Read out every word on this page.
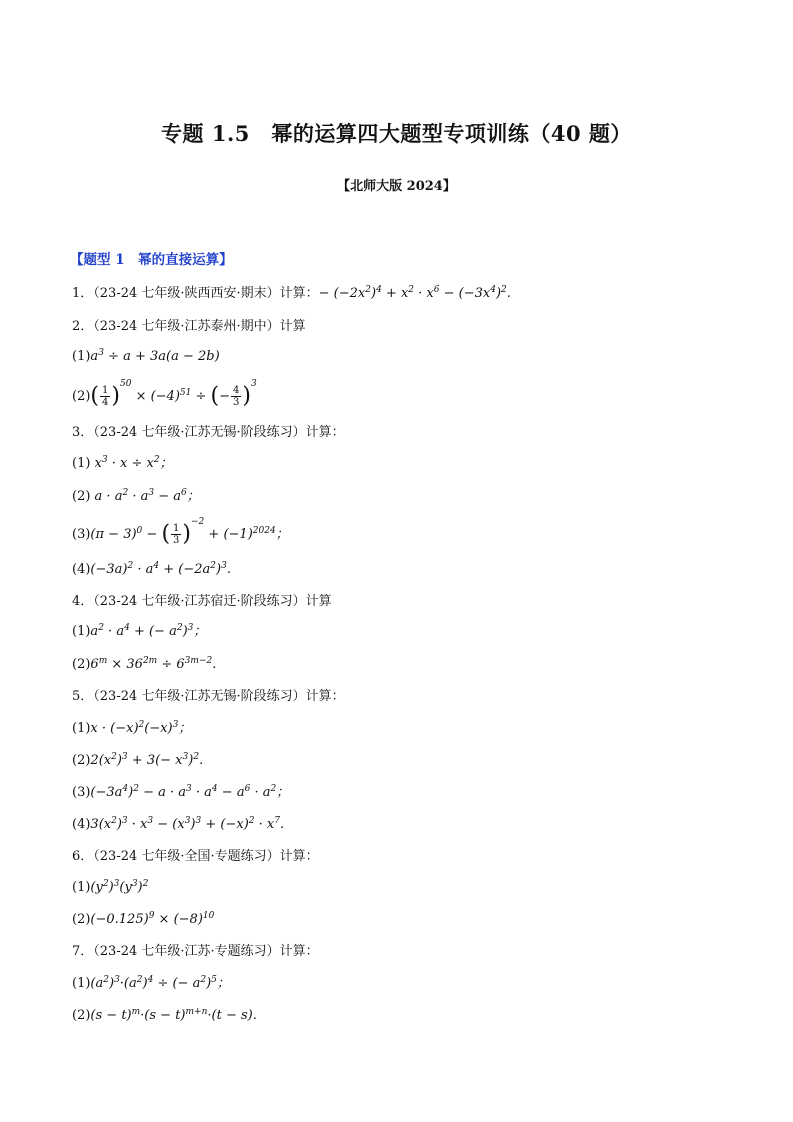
专题 1.5　幂的运算四大题型专项训练（40 题）
【北师大版 2024】
【题型 1　幂的直接运算】
1．（23-24 七年级·陕西西安·期末）计算：− $(-2x^2)^4 + x^2 \cdot x^6 - (-3x^4)^2$.
2．（23-24 七年级·江苏泰州·期中）计算
$(1)a^3 \div a + 3a(a - 2b)$
$(2)( \frac{1}{4} )^{50} \times (-4)^{51}$ ÷ (− $\frac{4}{3} )^3$
3．（23-24 七年级·江苏无锡·阶段练习）计算：
(1) $x^3 \cdot x \div x^2$；
(2) $a \cdot a^2 \cdot a^3 - a^6$；
$(3)(\pi - 3)^0$ − ( $\frac{1}{3} )^{-2} + (-1)^{2024}$；
$(4)(-3a)^2 \cdot a^4 + (-2a^2)^3$.
4．（23-24 七年级·江苏宿迁·阶段练习）计算
$(1)a^2 \cdot a^4$ + (− $a^2)^3$；
$(2)6^m \times 36^{2m} \div 6^{3m-2}$.
5．（23-24 七年级·江苏无锡·阶段练习）计算：
$(1)x \cdot (-x)^2(-x)^3$；
$(2)2(x^2)^3 + 3(- x^3)^2$.
$(3)(-3a^4)^2 - a \cdot a^3 \cdot a^4 - a^6 \cdot a^2$；
$(4)3(x^2)^3 \cdot x^3 - (x^3)^3 + (-x)^2 \cdot x^7$.
6．（23-24 七年级·全国·专题练习）计算：
$(1)(y^2)^3(y^3)^2$
$(2)(-0.125)^9 \times (-8)^{10}$
7．（23-24 七年级·江苏·专题练习）计算：
$(1)(a^2)^3\cdot(a^2)^4$ ÷ (− $a^2)^5$；
$(2)(s - t)^m\cdot(s - t)^{m+n}\cdot(t - s)$.
